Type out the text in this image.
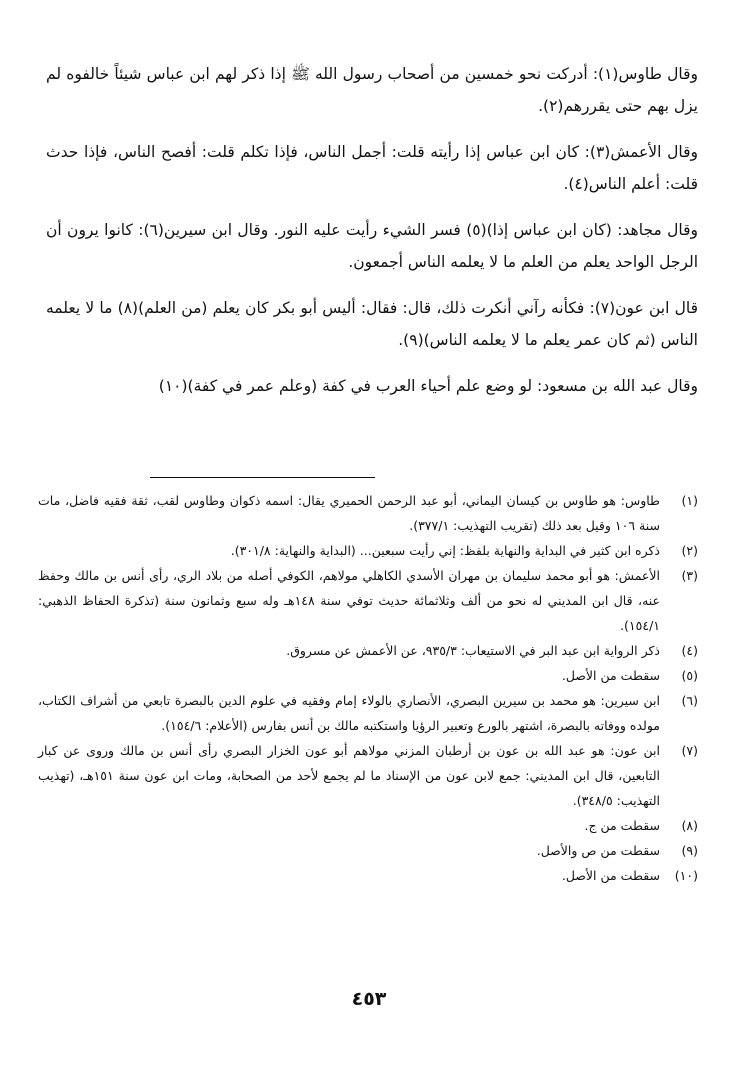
وقال طاوس(١): أدركت نحو خمسين من أصحاب رسول الله ﷺ إذا ذكر لهم ابن عباس شيئاً خالفوه لم يزل بهم حتى يقررهم(٢).

وقال الأعمش(٣): كان ابن عباس إذا رأيته قلت: أجمل الناس، فإذا تكلم قلت: أفصح الناس، فإذا حدث قلت: أعلم الناس(٤).

وقال مجاهد: (كان ابن عباس إذا)(٥) فسر الشيء رأيت عليه النور. وقال ابن سيرين(٦): كانوا يرون أن الرجل الواحد يعلم من العلم ما لا يعلمه الناس أجمعون.

قال ابن عون(٧): فكأنه رآني أنكرت ذلك، قال: فقال: أليس أبو بكر كان يعلم (من العلم)(٨) ما لا يعلمه الناس (ثم كان عمر يعلم ما لا يعلمه الناس)(٩).

وقال عبد الله بن مسعود: لو وضع علم أحياء العرب في كفة (وعلم عمر في كفة)(١٠)

(١)
طاوس: هو طاوس بن كيسان اليماني، أبو عبد الرحمن الحميري يقال: اسمه ذكوان وطاوس لقب، ثقة فقيه فاضل، مات سنة ١٠٦ وقيل بعد ذلك (تقريب التهذيب: ٣٧٧/١).
(٢)
ذكره ابن كثير في البداية والنهاية بلفظ: إني رأيت سبعين... (البداية والنهاية: ٣٠١/٨).
(٣)
الأعمش: هو أبو محمد سليمان بن مهران الأسدي الكاهلي مولاهم، الكوفي أصله من بلاد الري، رأى أنس بن مالك وحفظ عنه، قال ابن المديني له نحو من ألف وثلاثمائة حديث توفي سنة ١٤٨هـ وله سبع وثمانون سنة (تذكرة الحفاظ الذهبي: ١٥٤/١).
(٤)
ذكر الرواية ابن عبد البر في الاستيعاب: ٩٣٥/٣، عن الأعمش عن مسروق.
(٥)
سقطت من الأصل.
(٦)
ابن سيرين: هو محمد بن سيرين البصري، الأنصاري بالولاء إمام وفقيه في علوم الدين بالبصرة تابعي من أشراف الكتاب، مولده ووفاته بالبصرة، اشتهر بالورع وتعبير الرؤيا واستكتبه مالك بن أنس بفارس (الأعلام: ١٥٤/٦).
(٧)
ابن عون: هو عبد الله بن عون بن أرطبان المزني مولاهم أبو عون الخزار البصري رأى أنس بن مالك وروى عن كبار التابعين، قال ابن المديني: جمع لابن عون من الإسناد ما لم يجمع لأحد من الصحابة، ومات ابن عون سنة ١٥١هـ، (تهذيب التهذيب: ٣٤٨/٥).
(٨)
سقطت من ج.
(٩)
سقطت من ص والأصل.
(١٠)
سقطت من الأصل.
٤٥٣
